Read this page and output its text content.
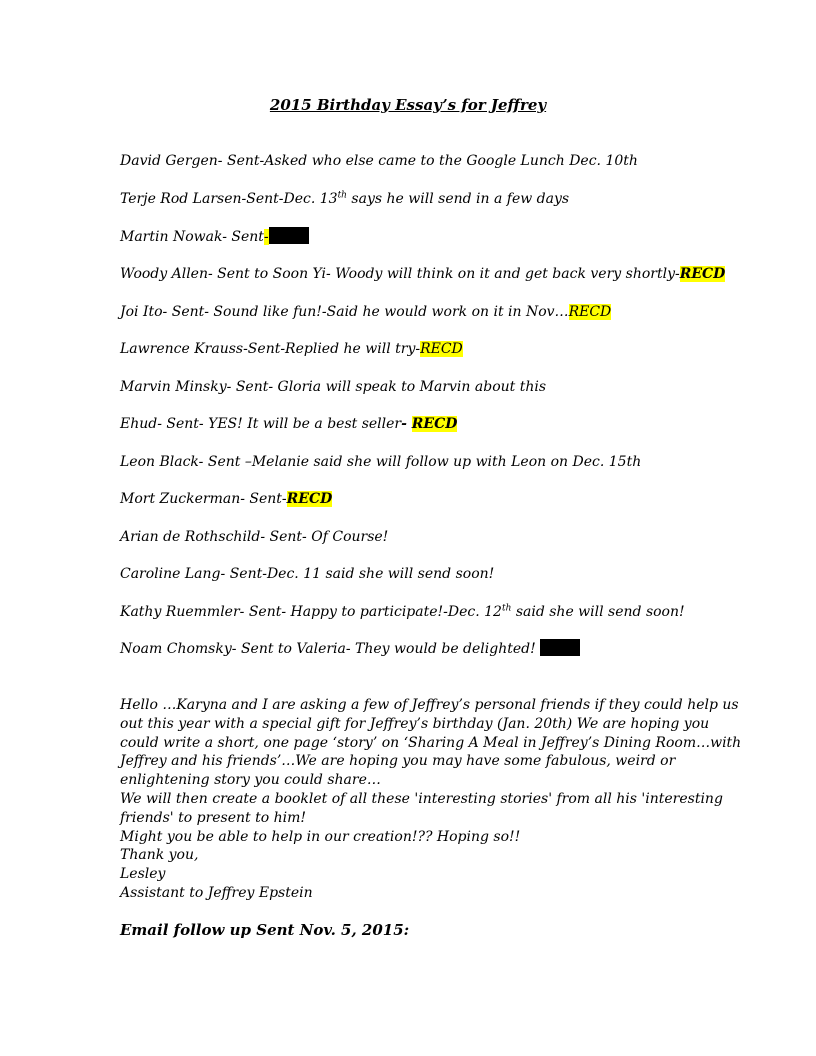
2015 Birthday Essay’s for Jeffrey
David Gergen- Sent-Asked who else came to the Google Lunch Dec. 10th
Terje Rod Larsen-Sent-Dec. 13th says he will send in a few days
Martin Nowak- Sent-
Woody Allen- Sent to Soon Yi- Woody will think on it and get back very shortly-RECD
Joi Ito- Sent- Sound like fun!-Said he would work on it in Nov…RECD
Lawrence Krauss-Sent-Replied he will try-RECD
Marvin Minsky- Sent- Gloria will speak to Marvin about this
Ehud- Sent- YES! It will be a best seller- RECD
Leon Black- Sent –Melanie said she will follow up with Leon on Dec. 15th
Mort Zuckerman- Sent-RECD
Arian de Rothschild- Sent- Of Course!
Caroline Lang- Sent-Dec. 11 said she will send soon!
Kathy Ruemmler- Sent- Happy to participate!-Dec. 12th said she will send soon!
Noam Chomsky- Sent to Valeria- They would be delighted!
Hello …Karyna and I are asking a few of Jeffrey’s personal friends if they could help us
out this year with a special gift for Jeffrey’s birthday (Jan. 20th) We are hoping you
could write a short, one page ‘story’ on ‘Sharing A Meal in Jeffrey’s Dining Room…with
Jeffrey and his friends’…We are hoping you may have some fabulous, weird or
enlightening story you could share…
We will then create a booklet of all these 'interesting stories' from all his 'interesting
friends' to present to him!
Might you be able to help in our creation!?? Hoping so!!
Thank you,
Lesley
Assistant to Jeffrey Epstein
Email follow up Sent Nov. 5, 2015:
